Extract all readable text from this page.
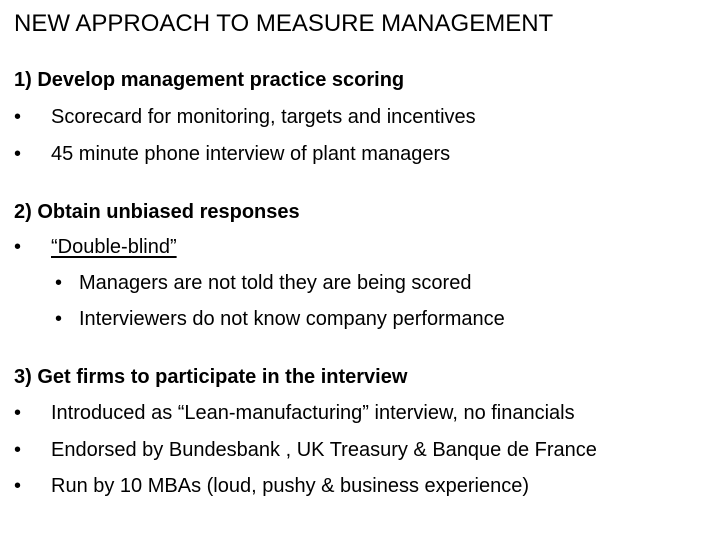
NEW APPROACH TO MEASURE MANAGEMENT
1) Develop management practice scoring
• Scorecard for monitoring, targets and incentives
• 45 minute phone interview of plant managers
2) Obtain unbiased responses
• “Double-blind”
• Managers are not told they are being scored
• Interviewers do not know company performance
3) Get firms to participate in the interview
• Introduced as “Lean-manufacturing” interview, no financials
• Endorsed by Bundesbank , UK Treasury & Banque de France
• Run by 10 MBAs (loud, pushy & business experience)
